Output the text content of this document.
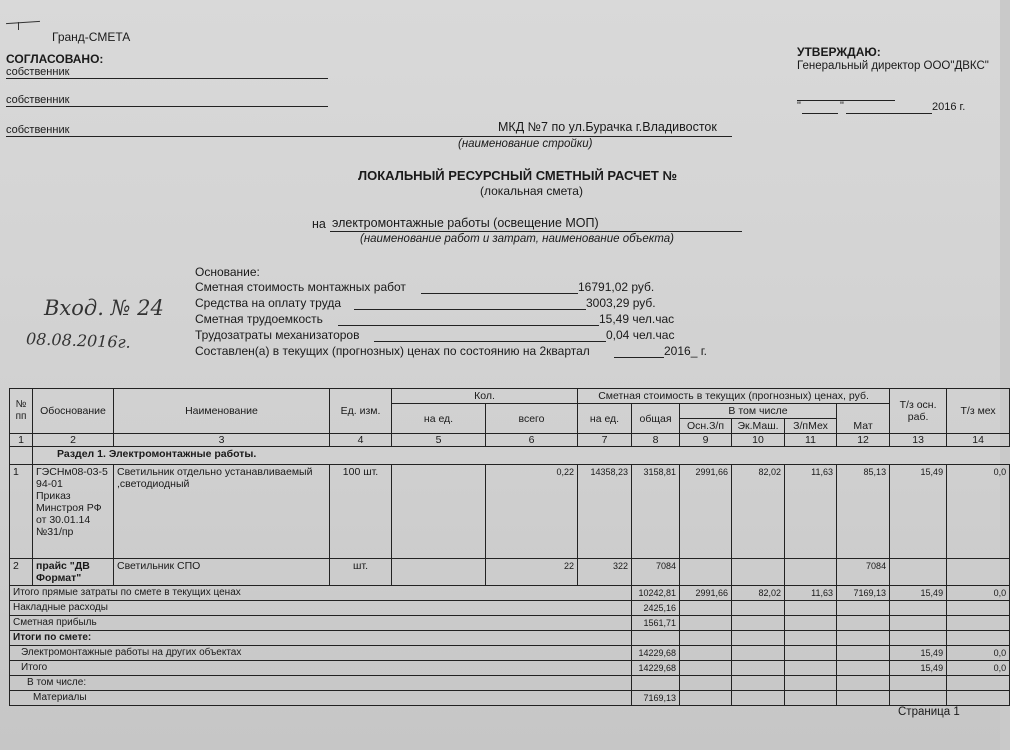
Гранд-СМЕТА
СОГЛАСОВАНО:
собственник
собственник
собственник	МКД №7 по ул.Бурачка г.Владивосток
(наименование стройки)
УТВЕРЖДАЮ:
Генеральный директор ООО"ДВКС"
"	"	2016 г.
ЛОКАЛЬНЫЙ РЕСУРСНЫЙ СМЕТНЫЙ РАСЧЕТ №
(локальная смета)
на электромонтажные работы (освещение МОП)
(наименование работ и затрат, наименование объекта)
Основание:
Сметная стоимость монтажных работ	16791,02 руб.
Средства на оплату труда	3003,29 руб.
Сметная трудоемкость	15,49 чел.час
Трудозатраты механизаторов	0,04 чел.час
Составлен(а) в текущих (прогнозных) ценах по состоянию на 2квартал	2016_ г.
Вход. № 24
08.08.2016г.
№ пп	Обоснование	Наименование	Ед. изм.	Кол.		Сметная стоимость в текущих (прогнозных) ценах, руб.						Т/з осн. раб.	Т/з мех
				на ед.	всего	на ед.	общая	В том числе			Мат		
								Осн.З/п	Эк.Маш.	З/пМех			
1	2	3	4	5	6	7	8	9	10	11	12	13	14
	Раздел 1. Электромонтажные работы.												
1	ГЭСНм08-03-594-01
Приказ Минстроя РФ от 30.01.14 №31/пр	Светильник отдельно устанавливаемый ,светодиодный	100 шт.		0,22	14358,23	3158,81	2991,66	82,02	11,63	85,13	15,49	0,0
2	прайс "ДВ Формат"	Светильник СПО	шт.		22	322	7084				7084		
Итого прямые затраты по смете в текущих ценах							10242,81	2991,66	82,02	11,63	7169,13	15,49	0,0
Накладные расходы							2425,16						
Сметная прибыль							1561,71						
Итоги по смете:													
Электромонтажные работы на других объектах							14229,68					15,49	0,0
Итого							14229,68					15,49	0,0
В том числе:													
Материалы							7169,13						
Страница 1
